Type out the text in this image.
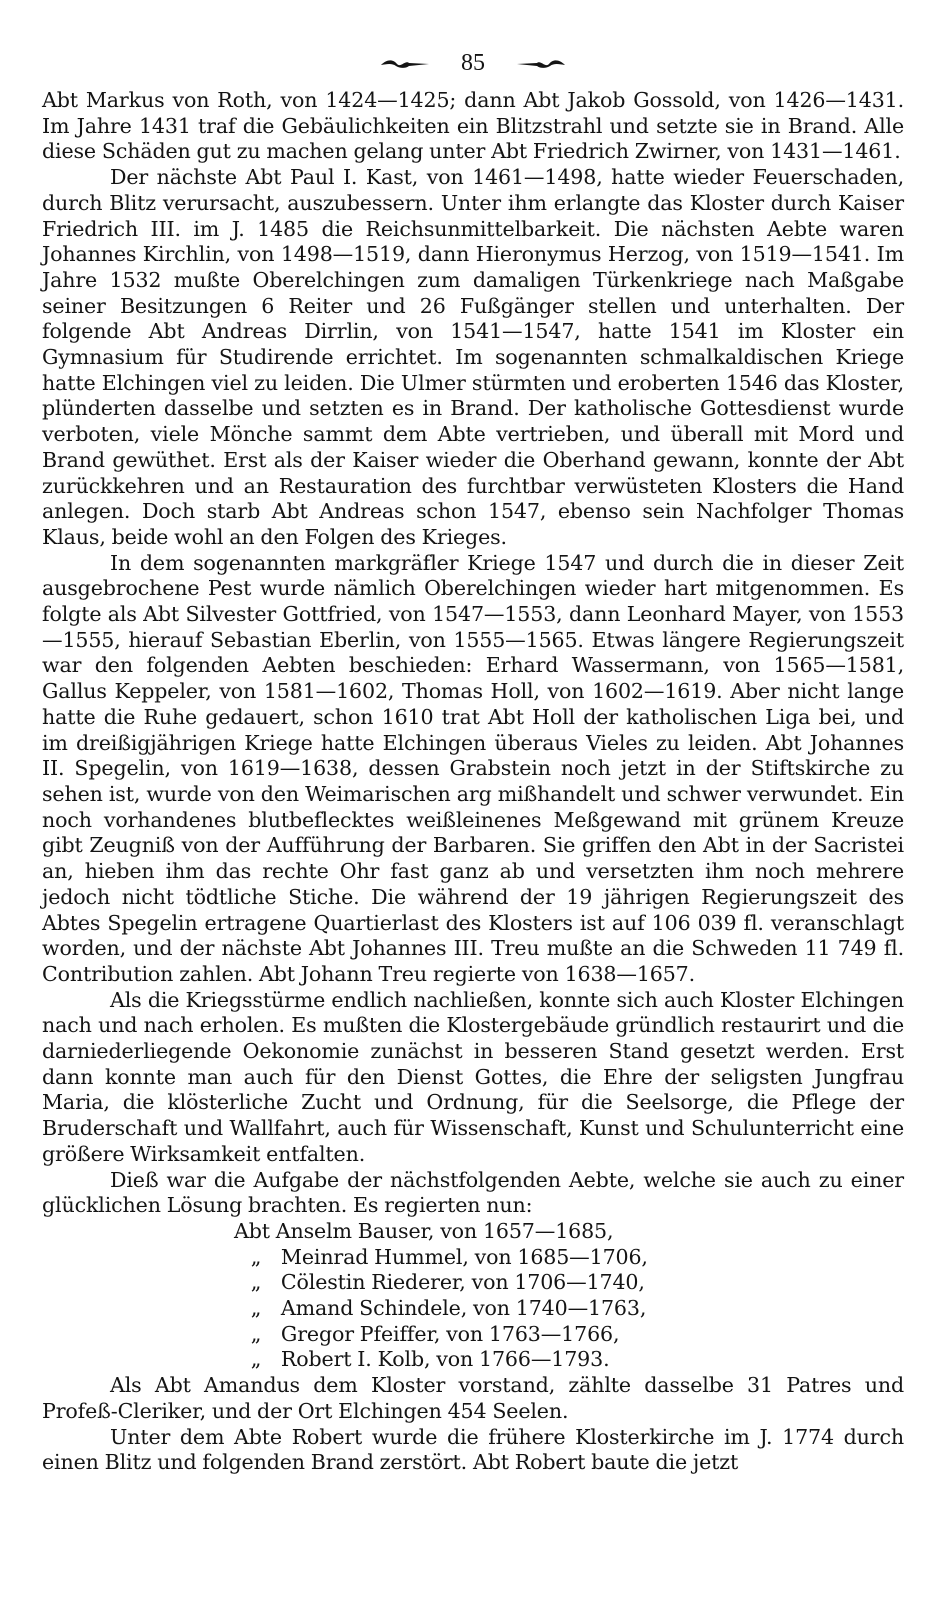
85

Abt Markus von Roth, von 1424—1425; dann Abt Jakob Gossold, von 1426—1431. Im Jahre 1431 traf die Gebäulichkeiten ein Blitzstrahl und setzte sie in Brand. Alle diese Schäden gut zu machen gelang unter Abt Friedrich Zwirner, von 1431—1461.

Der nächste Abt Paul I. Kast, von 1461—1498, hatte wieder Feuerschaden, durch Blitz verursacht, auszubessern. Unter ihm erlangte das Kloster durch Kaiser Friedrich III. im J. 1485 die Reichsunmittelbarkeit. Die nächsten Aebte waren Johannes Kirchlin, von 1498—1519, dann Hieronymus Herzog, von 1519—1541. Im Jahre 1532 mußte Oberelchingen zum damaligen Türkenkriege nach Maßgabe seiner Besitzungen 6 Reiter und 26 Fußgänger stellen und unterhalten. Der folgende Abt Andreas Dirrlin, von 1541—1547, hatte 1541 im Kloster ein Gymnasium für Studirende errichtet. Im sogenannten schmalkaldischen Kriege hatte Elchingen viel zu leiden. Die Ulmer stürmten und eroberten 1546 das Kloster, plünderten dasselbe und setzten es in Brand. Der katholische Gottesdienst wurde verboten, viele Mönche sammt dem Abte vertrieben, und überall mit Mord und Brand gewüthet. Erst als der Kaiser wieder die Oberhand gewann, konnte der Abt zurückkehren und an Restauration des furchtbar verwüsteten Klosters die Hand anlegen. Doch starb Abt Andreas schon 1547, ebenso sein Nachfolger Thomas Klaus, beide wohl an den Folgen des Krieges.

In dem sogenannten markgräfler Kriege 1547 und durch die in dieser Zeit ausgebrochene Pest wurde nämlich Oberelchingen wieder hart mitgenommen. Es folgte als Abt Silvester Gottfried, von 1547—1553, dann Leonhard Mayer, von 1553—1555, hierauf Sebastian Eberlin, von 1555—1565. Etwas längere Regierungszeit war den folgenden Aebten beschieden: Erhard Wassermann, von 1565—1581, Gallus Keppeler, von 1581—1602, Thomas Holl, von 1602—1619. Aber nicht lange hatte die Ruhe gedauert, schon 1610 trat Abt Holl der katholischen Liga bei, und im dreißigjährigen Kriege hatte Elchingen überaus Vieles zu leiden. Abt Johannes II. Spegelin, von 1619—1638, dessen Grabstein noch jetzt in der Stiftskirche zu sehen ist, wurde von den Weimarischen arg mißhandelt und schwer verwundet. Ein noch vorhandenes blutbeflecktes weißleinenes Meßgewand mit grünem Kreuze gibt Zeugniß von der Aufführung der Barbaren. Sie griffen den Abt in der Sacristei an, hieben ihm das rechte Ohr fast ganz ab und versetzten ihm noch mehrere jedoch nicht tödtliche Stiche. Die während der 19 jährigen Regierungszeit des Abtes Spegelin ertragene Quartierlast des Klosters ist auf 106 039 fl. veranschlagt worden, und der nächste Abt Johannes III. Treu mußte an die Schweden 11 749 fl. Contribution zahlen. Abt Johann Treu regierte von 1638—1657.

Als die Kriegsstürme endlich nachließen, konnte sich auch Kloster Elchingen nach und nach erholen. Es mußten die Klostergebäude gründlich restaurirt und die darniederliegende Oekonomie zunächst in besseren Stand gesetzt werden. Erst dann konnte man auch für den Dienst Gottes, die Ehre der seligsten Jungfrau Maria, die klösterliche Zucht und Ordnung, für die Seelsorge, die Pflege der Bruderschaft und Wallfahrt, auch für Wissenschaft, Kunst und Schulunterricht eine größere Wirksamkeit entfalten.

Dieß war die Aufgabe der nächstfolgenden Aebte, welche sie auch zu einer glücklichen Lösung brachten. Es regierten nun:

Abt Anselm Bauser, von 1657—1685,
„ Meinrad Hummel, von 1685—1706,
„ Cölestin Riederer, von 1706—1740,
„ Amand Schindele, von 1740—1763,
„ Gregor Pfeiffer, von 1763—1766,
„ Robert I. Kolb, von 1766—1793.

Als Abt Amandus dem Kloster vorstand, zählte dasselbe 31 Patres und Profeß-Cleriker, und der Ort Elchingen 454 Seelen.

Unter dem Abte Robert wurde die frühere Klosterkirche im J. 1774 durch einen Blitz und folgenden Brand zerstört. Abt Robert baute die jetzt
